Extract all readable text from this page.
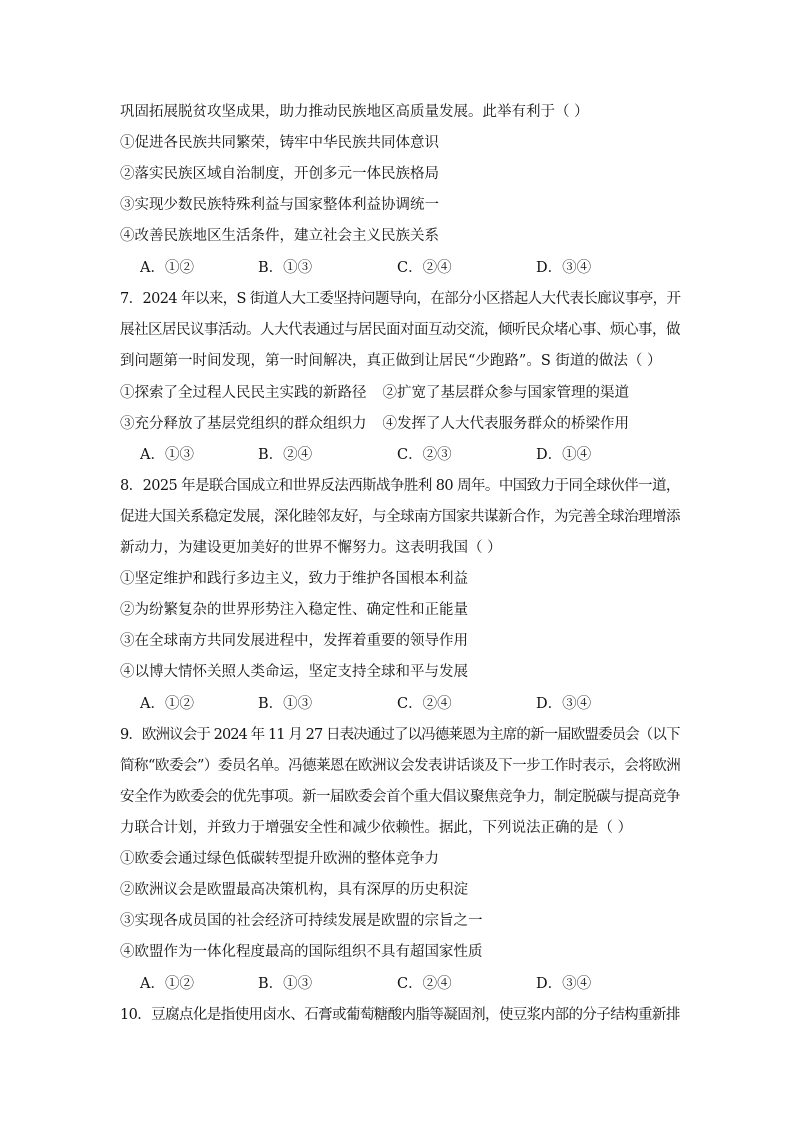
巩固拓展脱贫攻坚成果，助力推动民族地区高质量发展。此举有利于（ ）
①促进各民族共同繁荣，铸牢中华民族共同体意识
②落实民族区域自治制度，开创多元一体民族格局
③实现少数民族特殊利益与国家整体利益协调统一
④改善民族地区生活条件，建立社会主义民族关系
A．①②	B．①③	C．②④	D．③④
7．2024 年以来，S 街道人大工委坚持问题导向，在部分小区搭起人大代表长廊议事亭，开
展社区居民议事活动。人大代表通过与居民面对面互动交流，倾听民众堵心事、烦心事，做
到问题第一时间发现，第一时间解决，真正做到让居民“少跑路”。S 街道的做法（ ）
①探索了全过程人民民主实践的新路径 ②扩宽了基层群众参与国家管理的渠道
③充分释放了基层党组织的群众组织力 ④发挥了人大代表服务群众的桥梁作用
A．①③	B．②④	C．②③	D．①④
8．2025 年是联合国成立和世界反法西斯战争胜利 80 周年。中国致力于同全球伙伴一道，
促进大国关系稳定发展，深化睦邻友好，与全球南方国家共谋新合作，为完善全球治理增添
新动力，为建设更加美好的世界不懈努力。这表明我国（ ）
①坚定维护和践行多边主义，致力于维护各国根本利益
②为纷繁复杂的世界形势注入稳定性、确定性和正能量
③在全球南方共同发展进程中，发挥着重要的领导作用
④以博大情怀关照人类命运，坚定支持全球和平与发展
A．①②	B．①③	C．②④	D．③④
9．欧洲议会于 2024 年 11 月 27 日表决通过了以冯德莱恩为主席的新一届欧盟委员会（以下
简称“欧委会”）委员名单。冯德莱恩在欧洲议会发表讲话谈及下一步工作时表示，会将欧洲
安全作为欧委会的优先事项。新一届欧委会首个重大倡议聚焦竞争力，制定脱碳与提高竞争
力联合计划，并致力于增强安全性和减少依赖性。据此，下列说法正确的是（ ）
①欧委会通过绿色低碳转型提升欧洲的整体竞争力
②欧洲议会是欧盟最高决策机构，具有深厚的历史积淀
③实现各成员国的社会经济可持续发展是欧盟的宗旨之一
④欧盟作为一体化程度最高的国际组织不具有超国家性质
A．①②	B．①③	C．②④	D．③④
10．豆腐点化是指使用卤水、石膏或葡萄糖酸内脂等凝固剂，使豆浆内部的分子结构重新排
